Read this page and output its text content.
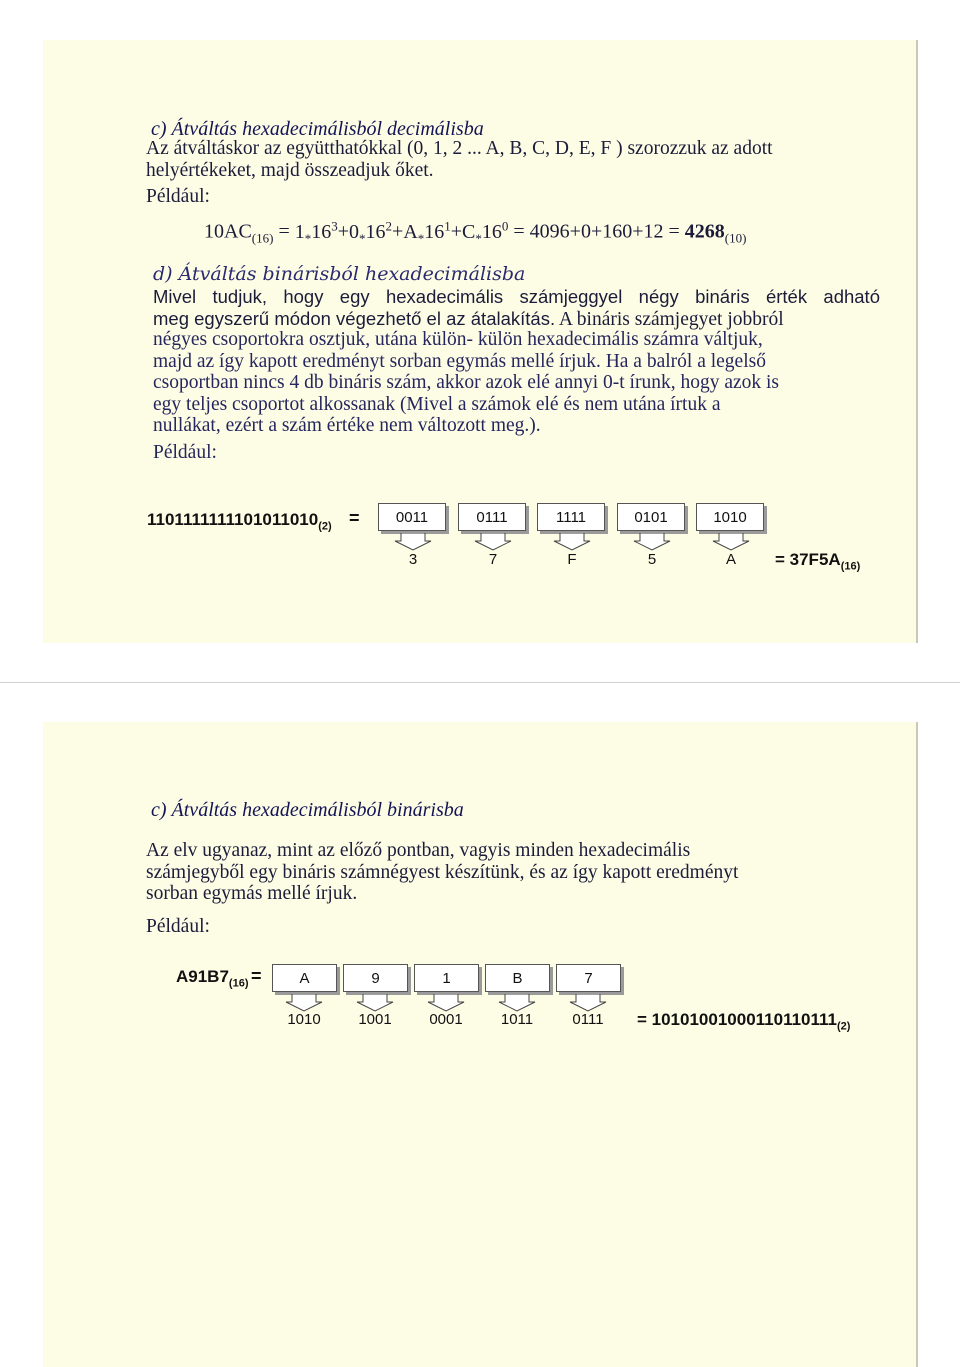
c) Átváltás hexadecimálisból decimálisba
Az átváltáskor az együtthatókkal (0, 1, 2 ... A, B, C, D, E, F ) szorozzuk az adott
helyértékeket, majd összeadjuk őket.
Például:
$10AC_{(16)} = 1_*16^3+0_*16^2+A_*16^1+C_*16^0 = 4096+0+160+12 = 4268_{(10)}$
d) Átváltás binárisból hexadecimálisba
Mivel tudjuk, hogy egy hexadecimális számjeggyel négy bináris érték adható
meg egyszerű módon végezhető el az átalakítás. A bináris számjegyet jobbról
négyes csoportokra osztjuk, utána külön- külön hexadecimális számra váltjuk,
majd az így kapott eredményt sorban egymás mellé írjuk. Ha a balról a legelső
csoportban nincs 4 db bináris szám, akkor azok elé annyi 0-t írunk, hogy azok is
egy teljes csoportot alkossanak (Mivel a számok elé és nem utána írtuk a
nullákat, ezért a szám értéke nem változott meg.).
Például:
$1101111111101011010_{(2)}$ =	0011	0111	1111	0101	1010
3	7	F	5	A	= $37F5A_{(16)}$
c) Átváltás hexadecimálisból binárisba
Az elv ugyanaz, mint az előző pontban, vagyis minden hexadecimális
számjegyből egy bináris számnégyest készítünk, és az így kapott eredményt
sorban egymás mellé írjuk.
Például:
$A91B7_{(16)}$ =	A	9	1	B	7
1010	1001	0001	1011	0111	= $10101001000110110111_{(2)}$
